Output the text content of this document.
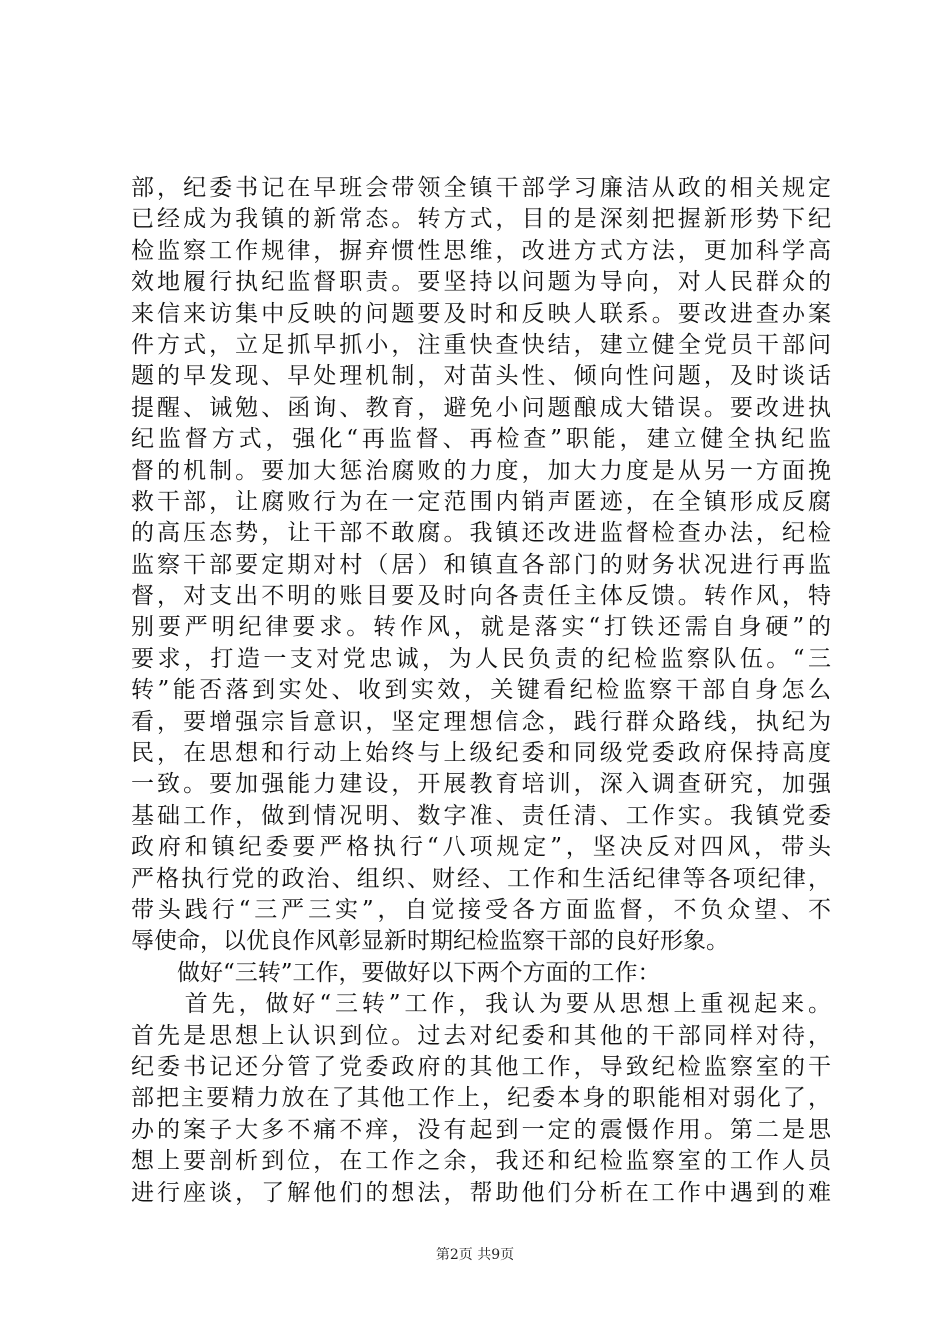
部，纪委书记在早班会带领全镇干部学习廉洁从政的相关规定
已经成为我镇的新常态。转方式，目的是深刻把握新形势下纪
检监察工作规律，摒弃惯性思维，改进方式方法，更加科学高
效地履行执纪监督职责。要坚持以问题为导向，对人民群众的
来信来访集中反映的问题要及时和反映人联系。要改进查办案
件方式，立足抓早抓小，注重快查快结，建立健全党员干部问
题的早发现、早处理机制，对苗头性、倾向性问题，及时谈话
提醒、诫勉、函询、教育，避免小问题酿成大错误。要改进执
纪监督方式，强化“再监督、再检查”职能，建立健全执纪监
督的机制。要加大惩治腐败的力度，加大力度是从另一方面挽
救干部，让腐败行为在一定范围内销声匿迹，在全镇形成反腐
的高压态势，让干部不敢腐。我镇还改进监督检查办法，纪检
监察干部要定期对村（居）和镇直各部门的财务状况进行再监
督，对支出不明的账目要及时向各责任主体反馈。转作风，特
别要严明纪律要求。转作风，就是落实“打铁还需自身硬”的
要求，打造一支对党忠诚，为人民负责的纪检监察队伍。“三
转”能否落到实处、收到实效，关键看纪检监察干部自身怎么
看，要增强宗旨意识，坚定理想信念，践行群众路线，执纪为
民，在思想和行动上始终与上级纪委和同级党委政府保持高度
一致。要加强能力建设，开展教育培训，深入调查研究，加强
基础工作，做到情况明、数字准、责任清、工作实。我镇党委
政府和镇纪委要严格执行“八项规定”，坚决反对四风，带头
严格执行党的政治、组织、财经、工作和生活纪律等各项纪律，
带头践行“三严三实”，自觉接受各方面监督，不负众望、不
辱使命，以优良作风彰显新时期纪检监察干部的良好形象。
　　做好“三转”工作，要做好以下两个方面的工作：
　　首先，做好“三转”工作，我认为要从思想上重视起来。
首先是思想上认识到位。过去对纪委和其他的干部同样对待，
纪委书记还分管了党委政府的其他工作，导致纪检监察室的干
部把主要精力放在了其他工作上，纪委本身的职能相对弱化了，
办的案子大多不痛不痒，没有起到一定的震慑作用。第二是思
想上要剖析到位，在工作之余，我还和纪检监察室的工作人员
进行座谈，了解他们的想法，帮助他们分析在工作中遇到的难
第2页 共9页
